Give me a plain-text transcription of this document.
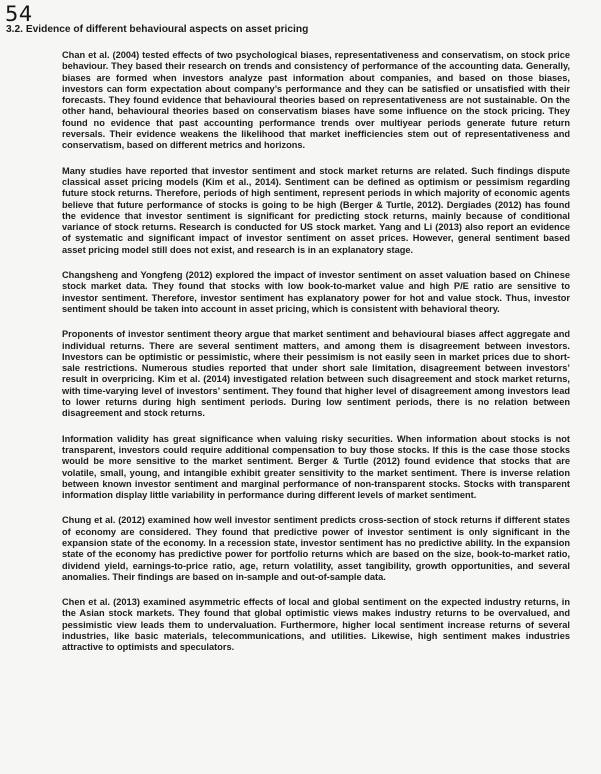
54
3.2. Evidence of different behavioural aspects on asset pricing

Chan et al. (2004) tested effects of two psychological biases, representativeness and conservatism, on stock price behaviour. They based their research on trends and consistency of performance of the accounting data. Generally, biases are formed when investors analyze past information about companies, and based on those biases, investors can form expectation about company’s performance and they can be satisfied or unsatisfied with their forecasts. They found evidence that behavioural theories based on representativeness are not sustainable. On the other hand, behavioural theories based on conservatism biases have some influence on the stock pricing. They found no evidence that past accounting performance trends over multiyear periods generate future return reversals. Their evidence weakens the likelihood that market inefficiencies stem out of representativeness and conservatism, based on different metrics and horizons.

Many studies have reported that investor sentiment and stock market returns are related. Such findings dispute classical asset pricing models (Kim et al., 2014). Sentiment can be defined as optimism or pessimism regarding future stock returns. Therefore, periods of high sentiment, represent periods in which majority of economic agents believe that future performance of stocks is going to be high (Berger & Turtle, 2012). Dergiades (2012) has found the evidence that investor sentiment is significant for predicting stock returns, mainly because of conditional variance of stock returns. Research is conducted for US stock market. Yang and Li (2013) also report an evidence of systematic and significant impact of investor sentiment on asset prices. However, general sentiment based asset pricing model still does not exist, and research is in an explanatory stage.

Changsheng and Yongfeng (2012) explored the impact of investor sentiment on asset valuation based on Chinese stock market data. They found that stocks with low book-to-market value and high P/E ratio are sensitive to investor sentiment. Therefore, investor sentiment has explanatory power for hot and value stock. Thus, investor sentiment should be taken into account in asset pricing, which is consistent with behavioral theory.

Proponents of investor sentiment theory argue that market sentiment and behavioural biases affect aggregate and individual returns. There are several sentiment matters, and among them is disagreement between investors. Investors can be optimistic or pessimistic, where their pessimism is not easily seen in market prices due to short-sale restrictions. Numerous studies reported that under short sale limitation, disagreement between investors’ result in overpricing. Kim et al. (2014) investigated relation between such disagreement and stock market returns, with time-varying level of investors’ sentiment. They found that higher level of disagreement among investors lead to lower returns during high sentiment periods. During low sentiment periods, there is no relation between disagreement and stock returns.

Information validity has great significance when valuing risky securities. When information about stocks is not transparent, investors could require additional compensation to buy those stocks. If this is the case those stocks would be more sensitive to the market sentiment. Berger & Turtle (2012) found evidence that stocks that are volatile, small, young, and intangible exhibit greater sensitivity to the market sentiment. There is inverse relation between known investor sentiment and marginal performance of non-transparent stocks. Stocks with transparent information display little variability in performance during different levels of market sentiment.

Chung et al. (2012) examined how well investor sentiment predicts cross-section of stock returns if different states of economy are considered. They found that predictive power of investor sentiment is only significant in the expansion state of the economy. In a recession state, investor sentiment has no predictive ability. In the expansion state of the economy has predictive power for portfolio returns which are based on the size, book-to-market ratio, dividend yield, earnings-to-price ratio, age, return volatility, asset tangibility, growth opportunities, and several anomalies. Their findings are based on in-sample and out-of-sample data.

Chen et al. (2013) examined asymmetric effects of local and global sentiment on the expected industry returns, in the Asian stock markets. They found that global optimistic views makes industry returns to be overvalued, and pessimistic view leads them to undervaluation. Furthermore, higher local sentiment increase returns of several industries, like basic materials, telecommunications, and utilities. Likewise, high sentiment makes industries attractive to optimists and speculators.
